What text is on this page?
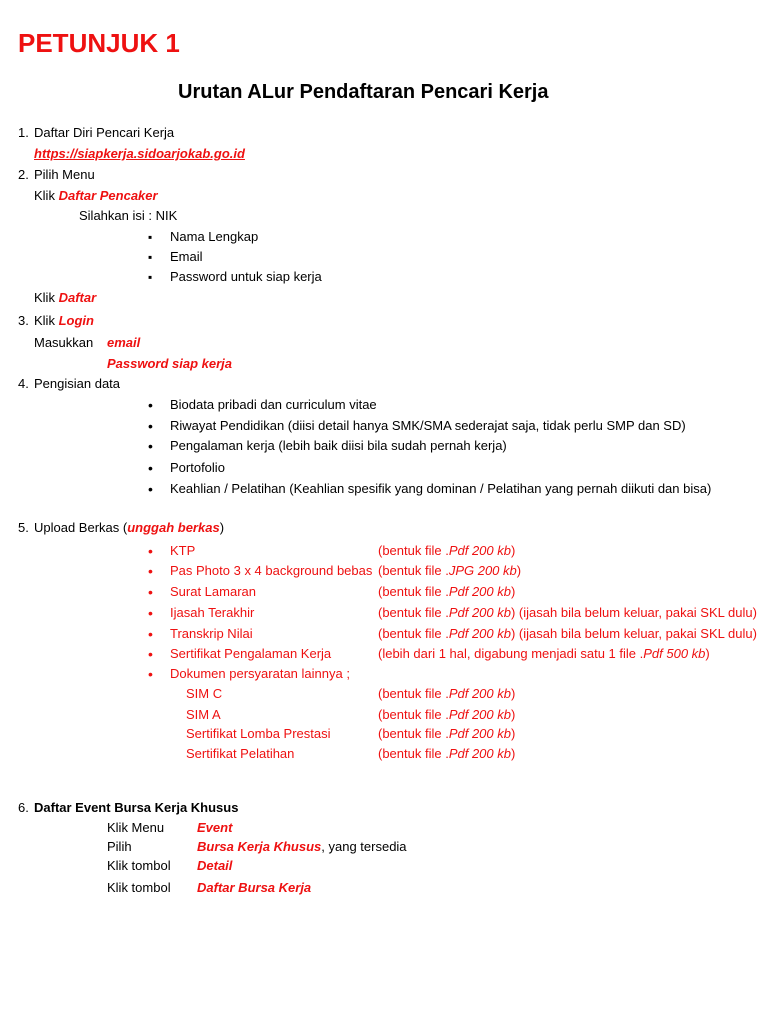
PETUNJUK 1
Urutan ALur Pendaftaran Pencari Kerja
1. Daftar Diri Pencari Kerja
https://siapkerja.sidoarjokab.go.id
2. Pilih Menu
Klik Daftar Pencaker
Silahkan isi : NIK
▪ Nama Lengkap
▪ Email
▪ Password untuk siap kerja
Klik Daftar
3. Klik Login
Masukkan email
Password siap kerja
4. Pengisian data
• Biodata pribadi dan curriculum vitae
• Riwayat Pendidikan (diisi detail hanya SMK/SMA sederajat saja, tidak perlu SMP dan SD)
• Pengalaman kerja (lebih baik diisi bila sudah pernah kerja)
• Portofolio
• Keahlian / Pelatihan (Keahlian spesifik yang dominan / Pelatihan yang pernah diikuti dan bisa)
5. Upload Berkas (unggah berkas)
• KTP	(bentuk file .Pdf 200 kb)
• Pas Photo 3 x 4 background bebas (bentuk file .JPG 200 kb)
• Surat Lamaran	(bentuk file .Pdf 200 kb)
• Ijasah Terakhir	(bentuk file .Pdf 200 kb) (ijasah bila belum keluar, pakai SKL dulu)
• Transkrip Nilai	(bentuk file .Pdf 200 kb) (ijasah bila belum keluar, pakai SKL dulu)
• Sertifikat Pengalaman Kerja	(lebih dari 1 hal, digabung menjadi satu 1 file .Pdf 500 kb)
• Dokumen persyaratan lainnya ;
SIM C	(bentuk file .Pdf 200 kb)
SIM A	(bentuk file .Pdf 200 kb)
Sertifikat Lomba Prestasi	(bentuk file .Pdf 200 kb)
Sertifikat Pelatihan	(bentuk file .Pdf 200 kb)
6. Daftar Event Bursa Kerja Khusus
Klik Menu	Event
Pilih	Bursa Kerja Khusus, yang tersedia
Klik tombol Detail
Klik tombol Daftar Bursa Kerja
